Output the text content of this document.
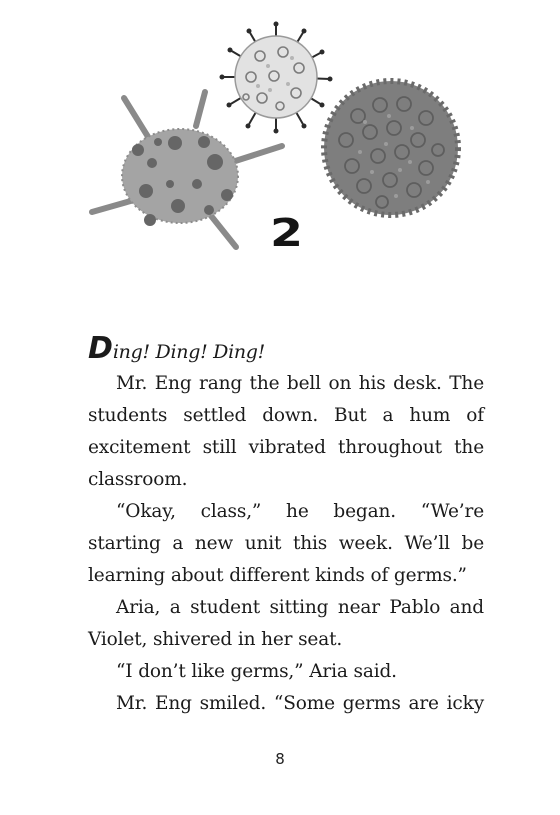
2

Ding! Ding! Ding!

Mr. Eng rang the bell on his desk. The students settled down. But a hum of excitement still vibrated throughout the classroom.

“Okay, class,” he began. “We’re starting a new unit this week. We’ll be learning about different kinds of germs.”

Aria, a student sitting near Pablo and Violet, shivered in her seat.

“I don’t like germs,” Aria said.

Mr. Eng smiled. “Some germs are icky

8
